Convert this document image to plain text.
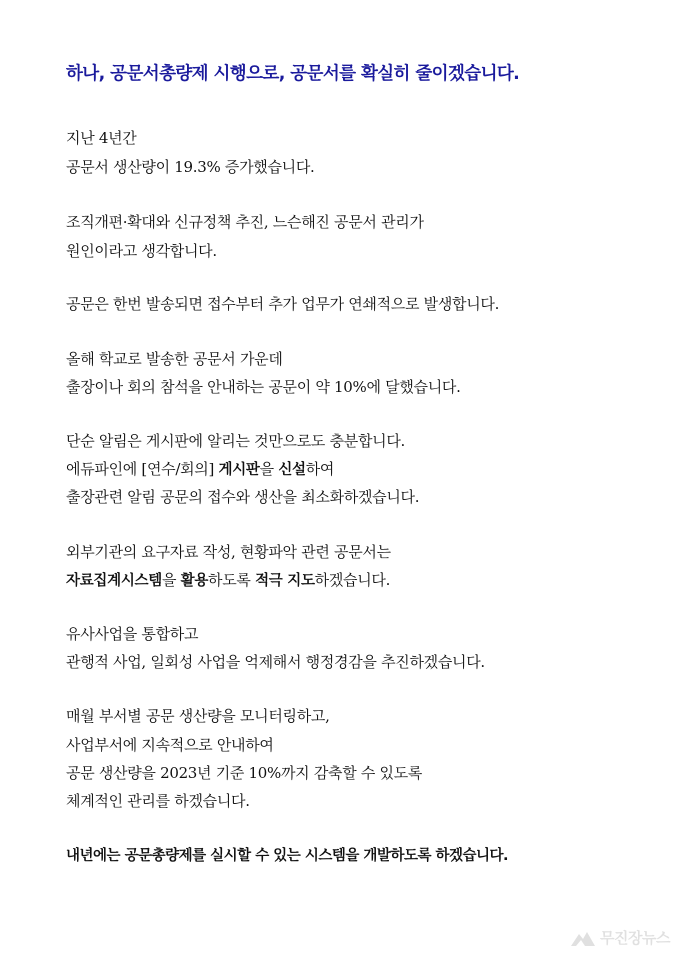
하나, 공문서총량제 시행으로, 공문서를 확실히 줄이겠습니다.
지난 4년간
공문서 생산량이 19.3% 증가했습니다.
조직개편·확대와 신규정책 추진, 느슨해진 공문서 관리가
원인이라고 생각합니다.
공문은 한번 발송되면 접수부터 추가 업무가 연쇄적으로 발생합니다.
올해 학교로 발송한 공문서 가운데
출장이나 회의 참석을 안내하는 공문이 약 10%에 달했습니다.
단순 알림은 게시판에 알리는 것만으로도 충분합니다.
에듀파인에 [연수/회의] 게시판을 신설하여
출장관련 알림 공문의 접수와 생산을 최소화하겠습니다.
외부기관의 요구자료 작성, 현황파악 관련 공문서는
자료집계시스템을 활용하도록 적극 지도하겠습니다.
유사사업을 통합하고
관행적 사업, 일회성 사업을 억제해서 행정경감을 추진하겠습니다.
매월 부서별 공문 생산량을 모니터링하고,
사업부서에 지속적으로 안내하여
공문 생산량을 2023년 기준 10%까지 감축할 수 있도록
체계적인 관리를 하겠습니다.
내년에는 공문총량제를 실시할 수 있는 시스템을 개발하도록 하겠습니다.
무진장뉴스
